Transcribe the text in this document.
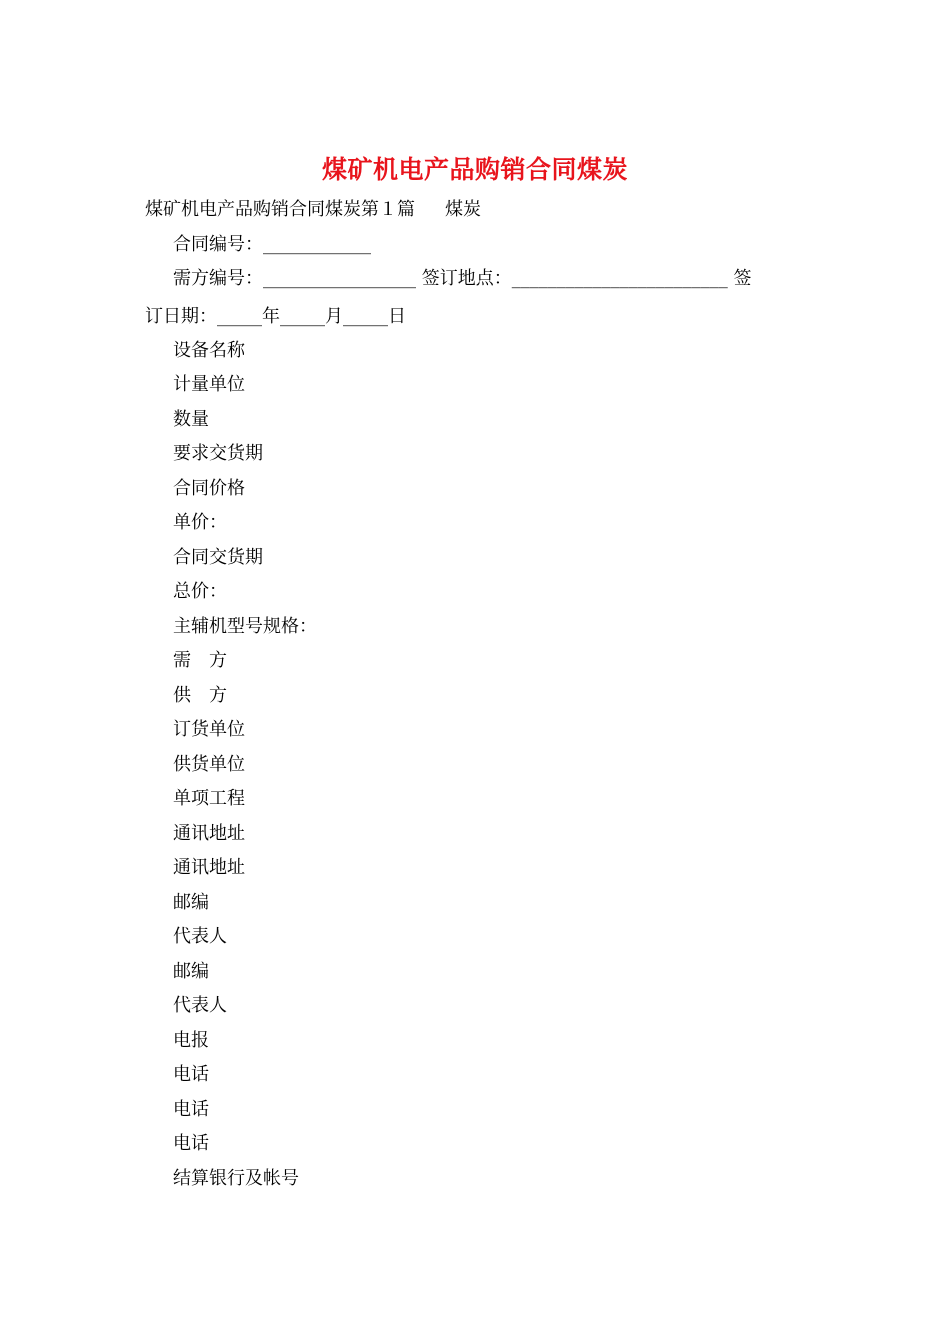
煤矿机电产品购销合同煤炭
煤矿机电产品购销合同煤炭第１篇 煤炭
合同编号：____________
需方编号：_________________ 签订地点：________________________ 签
订日期：_____年_____月_____日
设备名称
计量单位
数量
要求交货期
合同价格
单价：
合同交货期
总价：
主辅机型号规格：
需　方
供　方
订货单位
供货单位
单项工程
通讯地址
通讯地址
邮编
代表人
邮编
代表人
电报
电话
电话
电话
结算银行及帐号
